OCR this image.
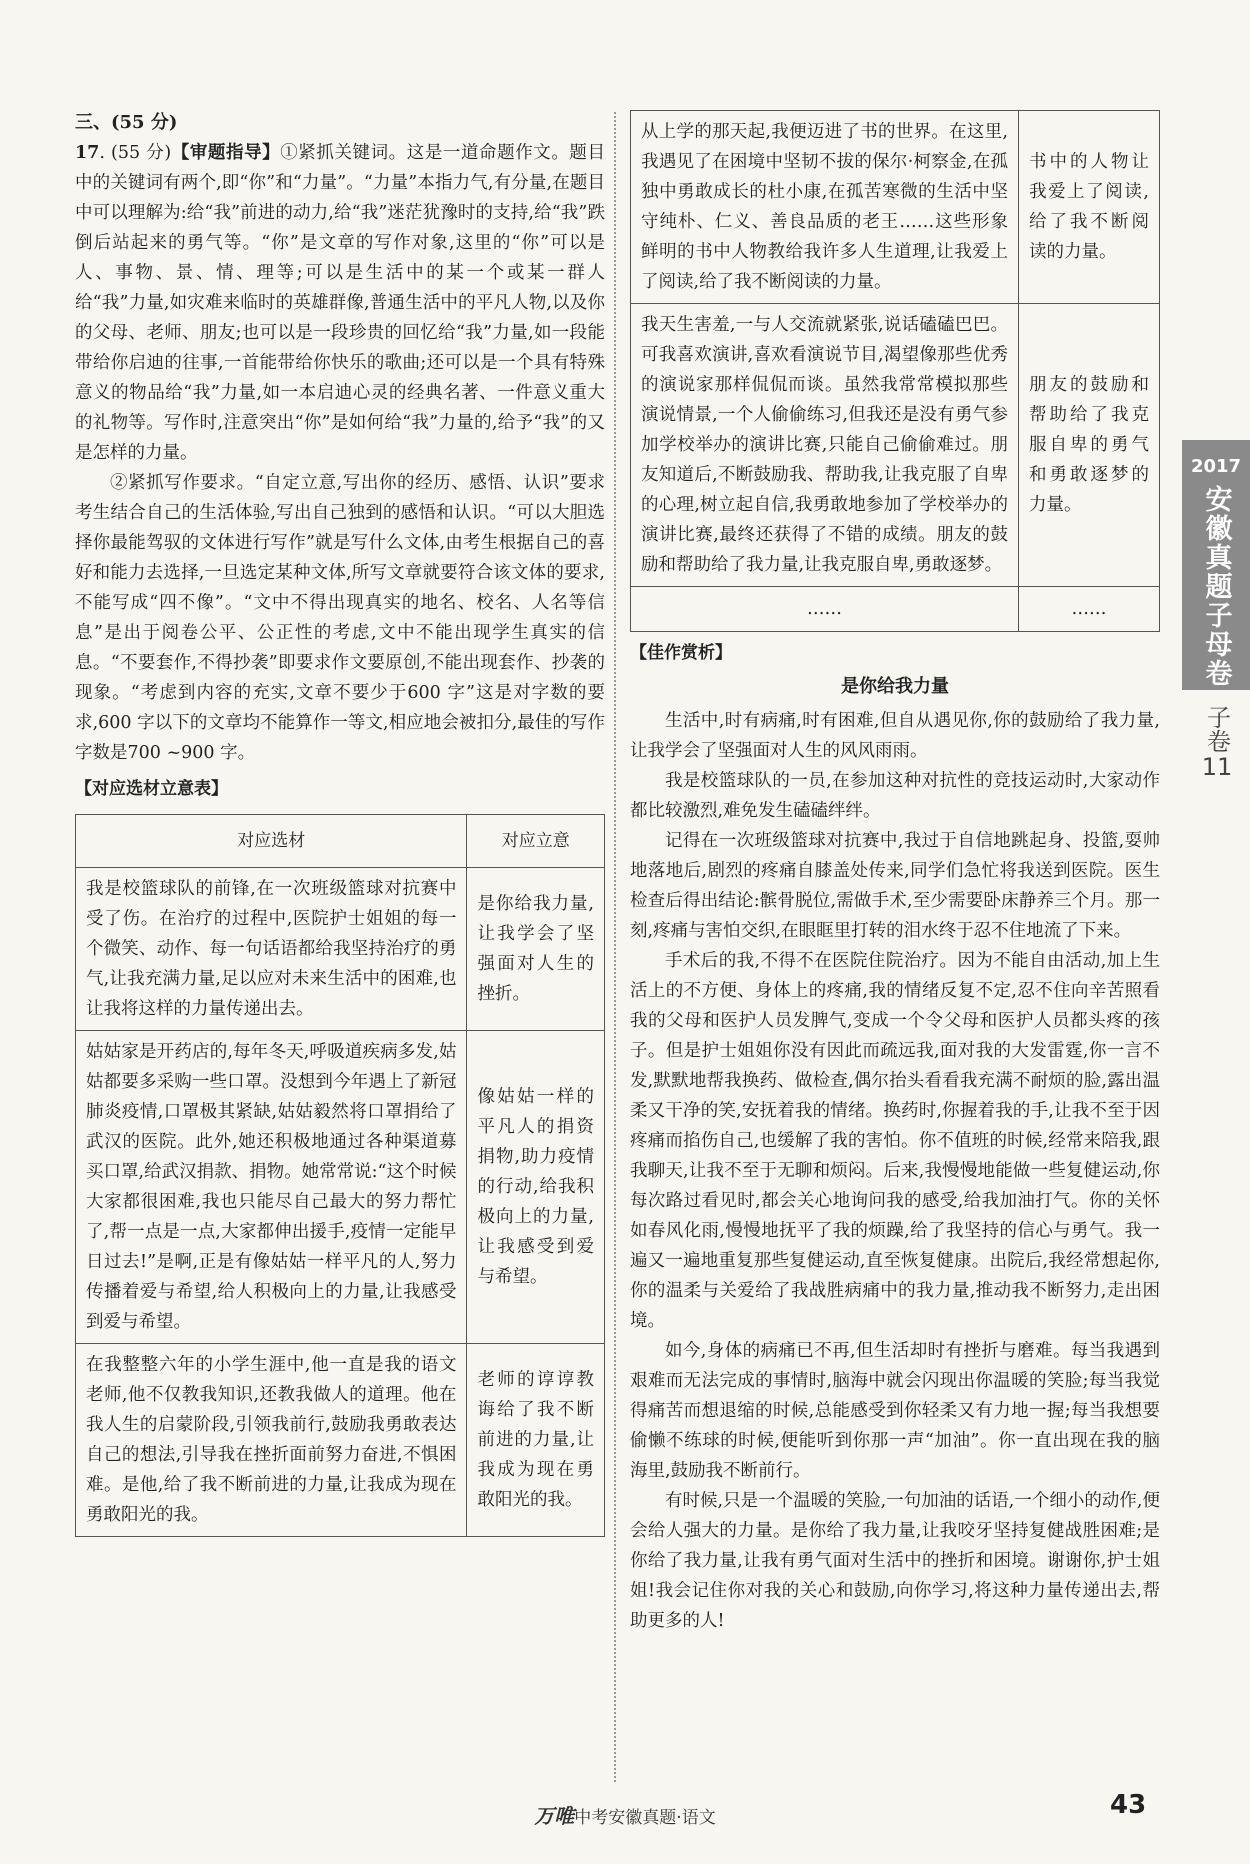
三、(55 分)

17. (55 分)【审题指导】①紧抓关键词。这是一道命题作文。题目中的关键词有两个,即“你”和“力量”。“力量”本指力气,有分量,在题目中可以理解为:给“我”前进的动力,给“我”迷茫犹豫时的支持,给“我”跌倒后站起来的勇气等。“你”是文章的写作对象,这里的“你”可以是人、事物、景、情、理等;可以是生活中的某一个或某一群人给“我”力量,如灾难来临时的英雄群像,普通生活中的平凡人物,以及你的父母、老师、朋友;也可以是一段珍贵的回忆给“我”力量,如一段能带给你启迪的往事,一首能带给你快乐的歌曲;还可以是一个具有特殊意义的物品给“我”力量,如一本启迪心灵的经典名著、一件意义重大的礼物等。写作时,注意突出“你”是如何给“我”力量的,给予“我”的又是怎样的力量。

②紧抓写作要求。“自定立意,写出你的经历、感悟、认识”要求考生结合自己的生活体验,写出自己独到的感悟和认识。“可以大胆选择你最能驾驭的文体进行写作”就是写什么文体,由考生根据自己的喜好和能力去选择,一旦选定某种文体,所写文章就要符合该文体的要求,不能写成“四不像”。“文中不得出现真实的地名、校名、人名等信息”是出于阅卷公平、公正性的考虑,文中不能出现学生真实的信息。“不要套作,不得抄袭”即要求作文要原创,不能出现套作、抄袭的现象。“考虑到内容的充实,文章不要少于600 字”这是对字数的要求,600 字以下的文章均不能算作一等文,相应地会被扣分,最佳的写作字数是700 ~900 字。

【对应选材立意表】

对应选材	对应立意
我是校篮球队的前锋,在一次班级篮球对抗赛中受了伤。在治疗的过程中,医院护士姐姐的每一个微笑、动作、每一句话语都给我坚持治疗的勇气,让我充满力量,足以应对未来生活中的困难,也让我将这样的力量传递出去。	是你给我力量,让我学会了坚强面对人生的挫折。
姑姑家是开药店的,每年冬天,呼吸道疾病多发,姑姑都要多采购一些口罩。没想到今年遇上了新冠肺炎疫情,口罩极其紧缺,姑姑毅然将口罩捐给了武汉的医院。此外,她还积极地通过各种渠道募买口罩,给武汉捐款、捐物。她常常说:“这个时候大家都很困难,我也只能尽自己最大的努力帮忙了,帮一点是一点,大家都伸出援手,疫情一定能早日过去!”是啊,正是有像姑姑一样平凡的人,努力传播着爱与希望,给人积极向上的力量,让我感受到爱与希望。	像姑姑一样的平凡人的捐资捐物,助力疫情的行动,给我积极向上的力量,让我感受到爱与希望。
在我整整六年的小学生涯中,他一直是我的语文老师,他不仅教我知识,还教我做人的道理。他在我人生的启蒙阶段,引领我前行,鼓励我勇敢表达自己的想法,引导我在挫折面前努力奋进,不惧困难。是他,给了我不断前进的力量,让我成为现在勇敢阳光的我。	老师的谆谆教诲给了我不断前进的力量,让我成为现在勇敢阳光的我。
从上学的那天起,我便迈进了书的世界。在这里,我遇见了在困境中坚韧不拔的保尔·柯察金,在孤独中勇敢成长的杜小康,在孤苦寒微的生活中坚守纯朴、仁义、善良品质的老王……这些形象鲜明的书中人物教给我许多人生道理,让我爱上了阅读,给了我不断阅读的力量。	书中的人物让我爱上了阅读,给了我不断阅读的力量。
我天生害羞,一与人交流就紧张,说话磕磕巴巴。可我喜欢演讲,喜欢看演说节目,渴望像那些优秀的演说家那样侃侃而谈。虽然我常常模拟那些演说情景,一个人偷偷练习,但我还是没有勇气参加学校举办的演讲比赛,只能自己偷偷难过。朋友知道后,不断鼓励我、帮助我,让我克服了自卑的心理,树立起自信,我勇敢地参加了学校举办的演讲比赛,最终还获得了不错的成绩。朋友的鼓励和帮助给了我力量,让我克服自卑,勇敢逐梦。	朋友的鼓励和帮助给了我克服自卑的勇气和勇敢逐梦的力量。
……	……

【佳作赏析】

是你给我力量

生活中,时有病痛,时有困难,但自从遇见你,你的鼓励给了我力量,让我学会了坚强面对人生的风风雨雨。

我是校篮球队的一员,在参加这种对抗性的竞技运动时,大家动作都比较激烈,难免发生磕磕绊绊。

记得在一次班级篮球对抗赛中,我过于自信地跳起身、投篮,耍帅地落地后,剧烈的疼痛自膝盖处传来,同学们急忙将我送到医院。医生检查后得出结论:髌骨脱位,需做手术,至少需要卧床静养三个月。那一刻,疼痛与害怕交织,在眼眶里打转的泪水终于忍不住地流了下来。

手术后的我,不得不在医院住院治疗。因为不能自由活动,加上生活上的不方便、身体上的疼痛,我的情绪反复不定,忍不住向辛苦照看我的父母和医护人员发脾气,变成一个令父母和医护人员都头疼的孩子。但是护士姐姐你没有因此而疏远我,面对我的大发雷霆,你一言不发,默默地帮我换药、做检查,偶尔抬头看看我充满不耐烦的脸,露出温柔又干净的笑,安抚着我的情绪。换药时,你握着我的手,让我不至于因疼痛而掐伤自己,也缓解了我的害怕。你不值班的时候,经常来陪我,跟我聊天,让我不至于无聊和烦闷。后来,我慢慢地能做一些复健运动,你每次路过看见时,都会关心地询问我的感受,给我加油打气。你的关怀如春风化雨,慢慢地抚平了我的烦躁,给了我坚持的信心与勇气。我一遍又一遍地重复那些复健运动,直至恢复健康。出院后,我经常想起你,你的温柔与关爱给了我战胜病痛中的我力量,推动我不断努力,走出困境。

如今,身体的病痛已不再,但生活却时有挫折与磨难。每当我遇到艰难而无法完成的事情时,脑海中就会闪现出你温暖的笑脸;每当我觉得痛苦而想退缩的时候,总能感受到你轻柔又有力地一握;每当我想要偷懒不练球的时候,便能听到你那一声“加油”。你一直出现在我的脑海里,鼓励我不断前行。

有时候,只是一个温暖的笑脸,一句加油的话语,一个细小的动作,便会给人强大的力量。是你给了我力量,让我咬牙坚持复健战胜困难;是你给了我力量,让我有勇气面对生活中的挫折和困境。谢谢你,护士姐姐!我会记住你对我的关心和鼓励,向你学习,将这种力量传递出去,帮助更多的人!

2017
安徽真题子母卷
子卷
11
万唯中考安徽真题·语文	43
